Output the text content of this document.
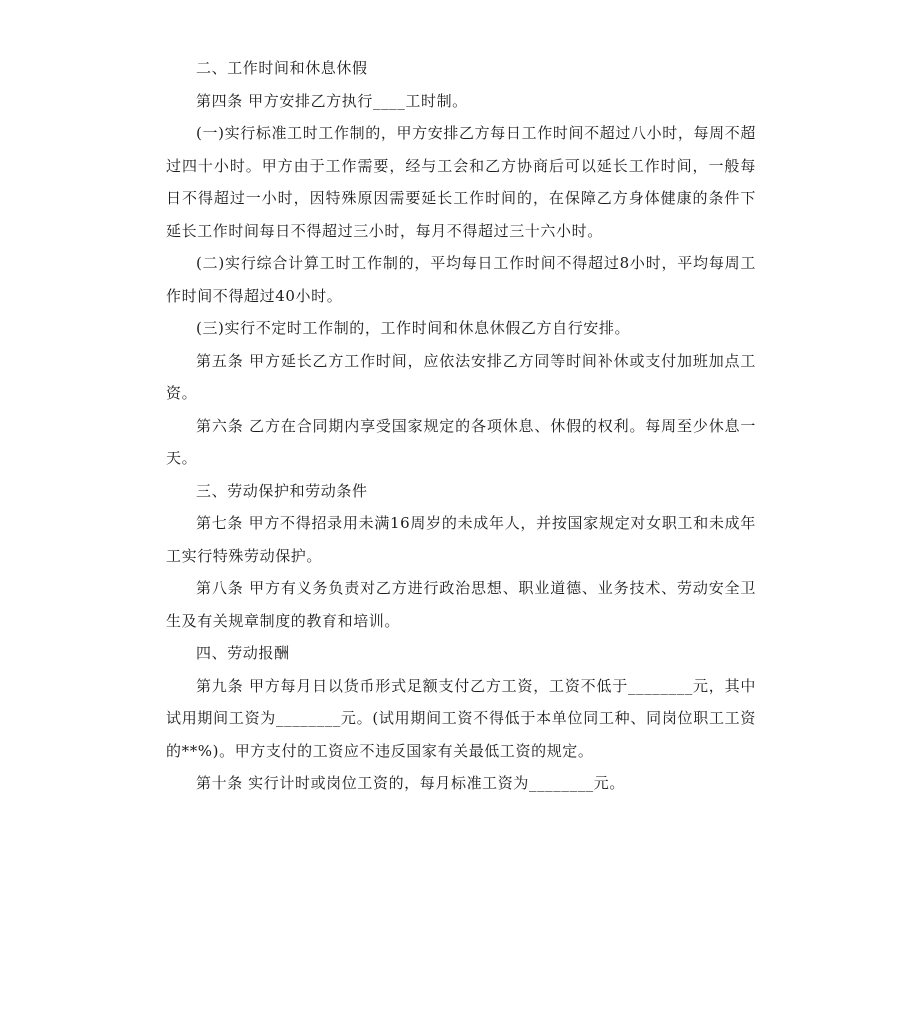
二、工作时间和休息休假

第四条 甲方安排乙方执行____工时制。

(一)实行标准工时工作制的，甲方安排乙方每日工作时间不超过八小时，每周不超过四十小时。甲方由于工作需要，经与工会和乙方协商后可以延长工作时间，一般每日不得超过一小时，因特殊原因需要延长工作时间的，在保障乙方身体健康的条件下延长工作时间每日不得超过三小时，每月不得超过三十六小时。

(二)实行综合计算工时工作制的，平均每日工作时间不得超过8小时，平均每周工作时间不得超过40小时。

(三)实行不定时工作制的，工作时间和休息休假乙方自行安排。

第五条 甲方延长乙方工作时间，应依法安排乙方同等时间补休或支付加班加点工资。

第六条 乙方在合同期内享受国家规定的各项休息、休假的权利。每周至少休息一天。

三、劳动保护和劳动条件

第七条 甲方不得招录用未满16周岁的未成年人，并按国家规定对女职工和未成年工实行特殊劳动保护。

第八条 甲方有义务负责对乙方进行政治思想、职业道德、业务技术、劳动安全卫生及有关规章制度的教育和培训。

四、劳动报酬

第九条 甲方每月日以货币形式足额支付乙方工资，工资不低于________元，其中试用期间工资为________元。(试用期间工资不得低于本单位同工种、同岗位职工工资的**%)。甲方支付的工资应不违反国家有关最低工资的规定。

第十条 实行计时或岗位工资的，每月标准工资为________元。
